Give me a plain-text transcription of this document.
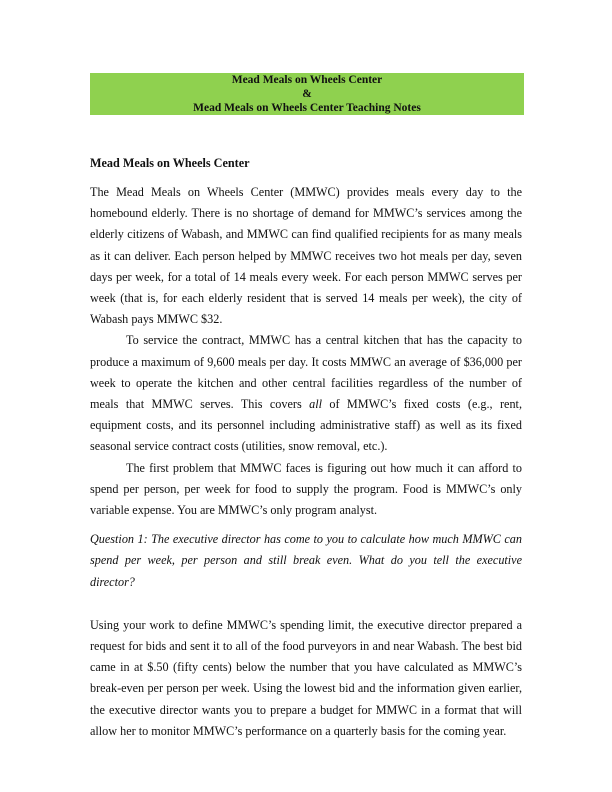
Mead Meals on Wheels Center
&
Mead Meals on Wheels Center Teaching Notes

Mead Meals on Wheels Center

The Mead Meals on Wheels Center (MMWC) provides meals every day to the homebound elderly. There is no shortage of demand for MMWC’s services among the elderly citizens of Wabash, and MMWC can find qualified recipients for as many meals as it can deliver. Each person helped by MMWC receives two hot meals per day, seven days per week, for a total of 14 meals every week. For each person MMWC serves per week (that is, for each elderly resident that is served 14 meals per week), the city of Wabash pays MMWC $32.

To service the contract, MMWC has a central kitchen that has the capacity to produce a maximum of 9,600 meals per day. It costs MMWC an average of $36,000 per week to operate the kitchen and other central facilities regardless of the number of meals that MMWC serves. This covers all of MMWC’s fixed costs (e.g., rent, equipment costs, and its personnel including administrative staff) as well as its fixed seasonal service contract costs (utilities, snow removal, etc.).

The first problem that MMWC faces is figuring out how much it can afford to spend per person, per week for food to supply the program. Food is MMWC’s only variable expense. You are MMWC’s only program analyst.

Question 1: The executive director has come to you to calculate how much MMWC can spend per week, per person and still break even. What do you tell the executive director?

Using your work to define MMWC’s spending limit, the executive director prepared a request for bids and sent it to all of the food purveyors in and near Wabash. The best bid came in at $.50 (fifty cents) below the number that you have calculated as MMWC’s break-even per person per week. Using the lowest bid and the information given earlier, the executive director wants you to prepare a budget for MMWC in a format that will allow her to monitor MMWC’s performance on a quarterly basis for the coming year.
